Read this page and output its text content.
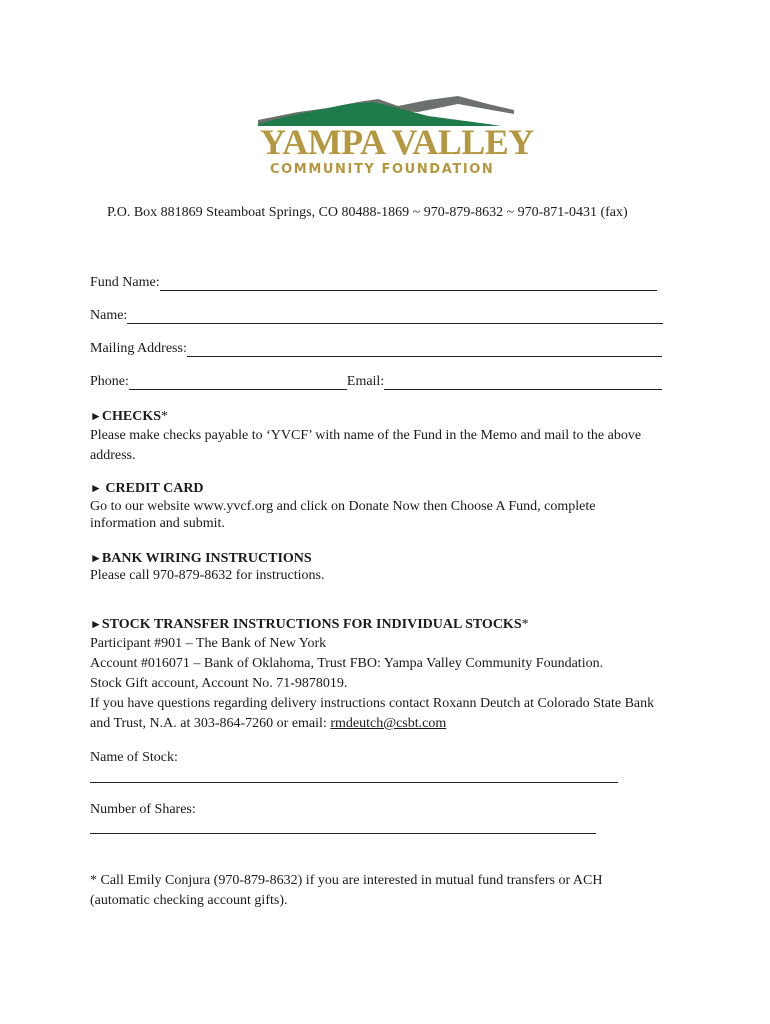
YAMPA VALLEY
COMMUNITY FOUNDATION
P.O. Box 881869 Steamboat Springs, CO 80488-1869 ~ 970-879-8632 ~ 970-871-0431 (fax)
Fund Name:
Name:
Mailing Address:
Phone:	Email:
►CHECKS*
Please make checks payable to ‘YVCF’ with name of the Fund in the Memo and mail to the above
address.
► CREDIT CARD
Go to our website www.yvcf.org and click on Donate Now then Choose A Fund, complete
information and submit.
►BANK WIRING INSTRUCTIONS
Please call 970-879-8632 for instructions.
►STOCK TRANSFER INSTRUCTIONS FOR INDIVIDUAL STOCKS*
Participant #901 – The Bank of New York
Account #016071 – Bank of Oklahoma, Trust FBO: Yampa Valley Community Foundation.
Stock Gift account, Account No. 71-9878019.
If you have questions regarding delivery instructions contact Roxann Deutch at Colorado State Bank
and Trust, N.A. at 303-864-7260 or email: rmdeutch@csbt.com
Name of Stock:
Number of Shares:
* Call Emily Conjura (970-879-8632) if you are interested in mutual fund transfers or ACH
(automatic checking account gifts).
